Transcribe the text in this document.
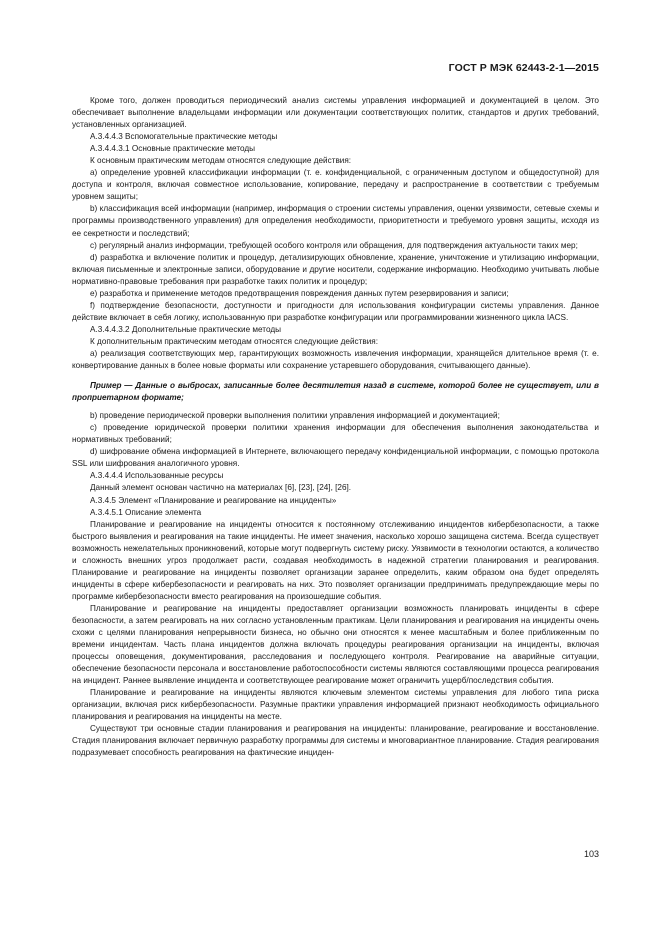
ГОСТ Р МЭК 62443-2-1—2015

Кроме того, должен проводиться периодический анализ системы управления информацией и документацией в целом. Это обеспечивает выполнение владельцами информации или документации соответствующих политик, стандартов и других требований, установленных организацией.

А.3.4.4.3 Вспомогательные практические методы

А.3.4.4.3.1 Основные практические методы

К основным практическим методам относятся следующие действия:

а) определение уровней классификации информации (т. е. конфиденциальной, с ограниченным доступом и общедоступной) для доступа и контроля, включая совместное использование, копирование, передачу и распространение в соответствии с требуемым уровнем защиты;

b) классификация всей информации (например, информация о строении системы управления, оценки уязвимости, сетевые схемы и программы производственного управления) для определения необходимости, приоритетности и требуемого уровня защиты, исходя из ее секретности и последствий;

c) регулярный анализ информации, требующей особого контроля или обращения, для подтверждения актуальности таких мер;

d) разработка и включение политик и процедур, детализирующих обновление, хранение, уничтожение и утилизацию информации, включая письменные и электронные записи, оборудование и другие носители, содержание информацию. Необходимо учитывать любые нормативно-правовые требования при разработке таких политик и процедур;

e) разработка и применение методов предотвращения повреждения данных путем резервирования и записи;

f) подтверждение безопасности, доступности и пригодности для использования конфигурации системы управления. Данное действие включает в себя логику, использованную при разработке конфигурации или программировании жизненного цикла IACS.

А.3.4.4.3.2 Дополнительные практические методы

К дополнительным практическим методам относятся следующие действия:

а) реализация соответствующих мер, гарантирующих возможность извлечения информации, хранящейся длительное время (т. е. конвертирование данных в более новые форматы или сохранение устаревшего оборудования, считывающего данные).

Пример — Данные о выбросах, записанные более десятилетия назад в системе, которой более не существует, или в проприетарном формате;

b) проведение периодической проверки выполнения политики управления информацией и документацией;

c) проведение юридической проверки политики хранения информации для обеспечения выполнения законодательства и нормативных требований;

d) шифрование обмена информацией в Интернете, включающего передачу конфиденциальной информации, с помощью протокола SSL или шифрования аналогичного уровня.

А.3.4.4.4 Использованные ресурсы

Данный элемент основан частично на материалах [6], [23], [24], [26].

А.3.4.5 Элемент «Планирование и реагирование на инциденты»

А.3.4.5.1 Описание элемента

Планирование и реагирование на инциденты относится к постоянному отслеживанию инцидентов кибербезопасности, а также быстрого выявления и реагирования на такие инциденты. Не имеет значения, насколько хорошо защищена система. Всегда существует возможность нежелательных проникновений, которые могут подвергнуть систему риску. Уязвимости в технологии остаются, а количество и сложность внешних угроз продолжает расти, создавая необходимость в надежной стратегии планирования и реагирования. Планирование и реагирование на инциденты позволяет организации заранее определить, каким образом она будет определять инциденты в сфере кибербезопасности и реагировать на них. Это позволяет организации предпринимать предупреждающие меры по программе кибербезопасности вместо реагирования на произошедшие события.

Планирование и реагирование на инциденты предоставляет организации возможность планировать инциденты в сфере безопасности, а затем реагировать на них согласно установленным практикам. Цели планирования и реагирования на инциденты очень схожи с целями планирования непрерывности бизнеса, но обычно они относятся к менее масштабным и более приближенным по времени инцидентам. Часть плана инцидентов должна включать процедуры реагирования организации на инциденты, включая процессы оповещения, документирования, расследования и последующего контроля. Реагирование на аварийные ситуации, обеспечение безопасности персонала и восстановление работоспособности системы являются составляющими процесса реагирования на инцидент. Раннее выявление инцидента и соответствующее реагирование может ограничить ущерб/последствия события.

Планирование и реагирование на инциденты являются ключевым элементом системы управления для любого типа риска организации, включая риск кибербезопасности. Разумные практики управления информацией признают необходимость официального планирования и реагирования на инциденты на месте.

Существуют три основные стадии планирования и реагирования на инциденты: планирование, реагирование и восстановление. Стадия планирования включает первичную разработку программы для системы и многовариантное планирование. Стадия реагирования подразумевает способность реагирования на фактические инциден-

103
